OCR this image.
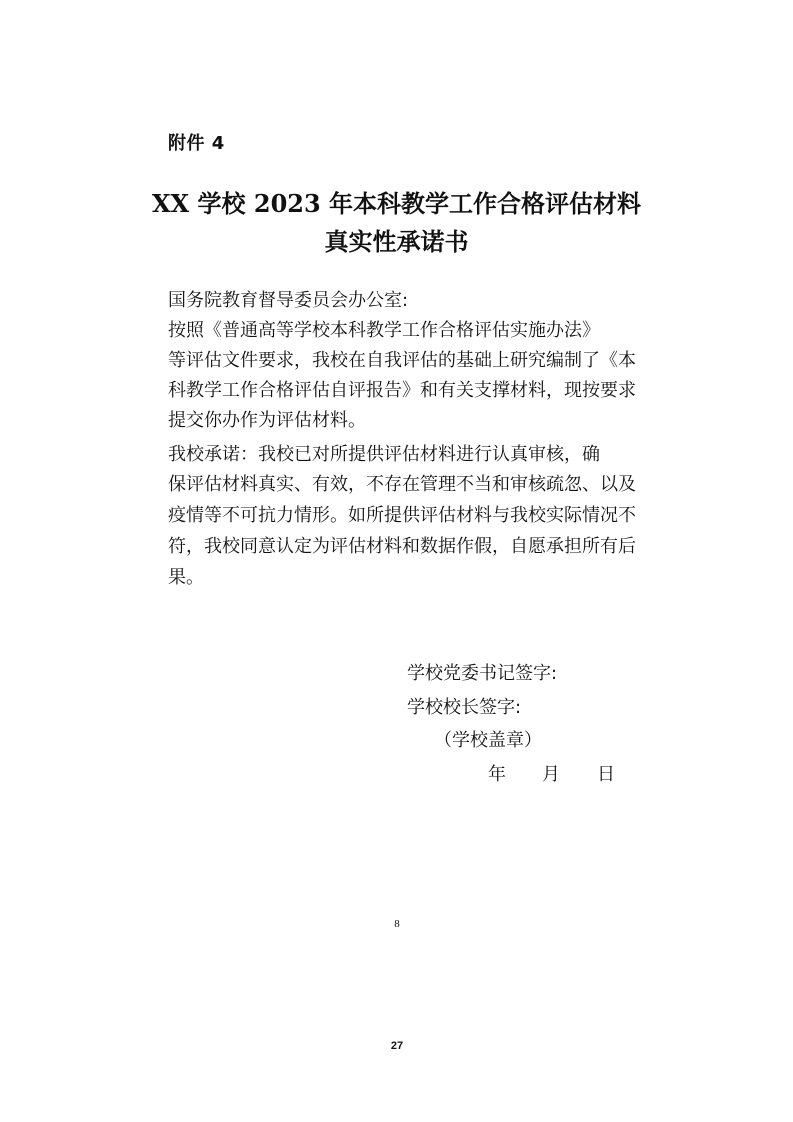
附件 4
XX 学校 2023 年本科教学工作合格评估材料
真实性承诺书
国务院教育督导委员会办公室:
按照《普通高等学校本科教学工作合格评估实施办法》
等评估文件要求，我校在自我评估的基础上研究编制了《本
科教学工作合格评估自评报告》和有关支撑材料，现按要求
提交你办作为评估材料。
我校承诺：我校已对所提供评估材料进行认真审核，确
保评估材料真实、有效，不存在管理不当和审核疏忽、以及
疫情等不可抗力情形。如所提供评估材料与我校实际情况不
符，我校同意认定为评估材料和数据作假，自愿承担所有后
果。
学校党委书记签字:
学校校长签字:
（学校盖章）
年 月 日
8
27
